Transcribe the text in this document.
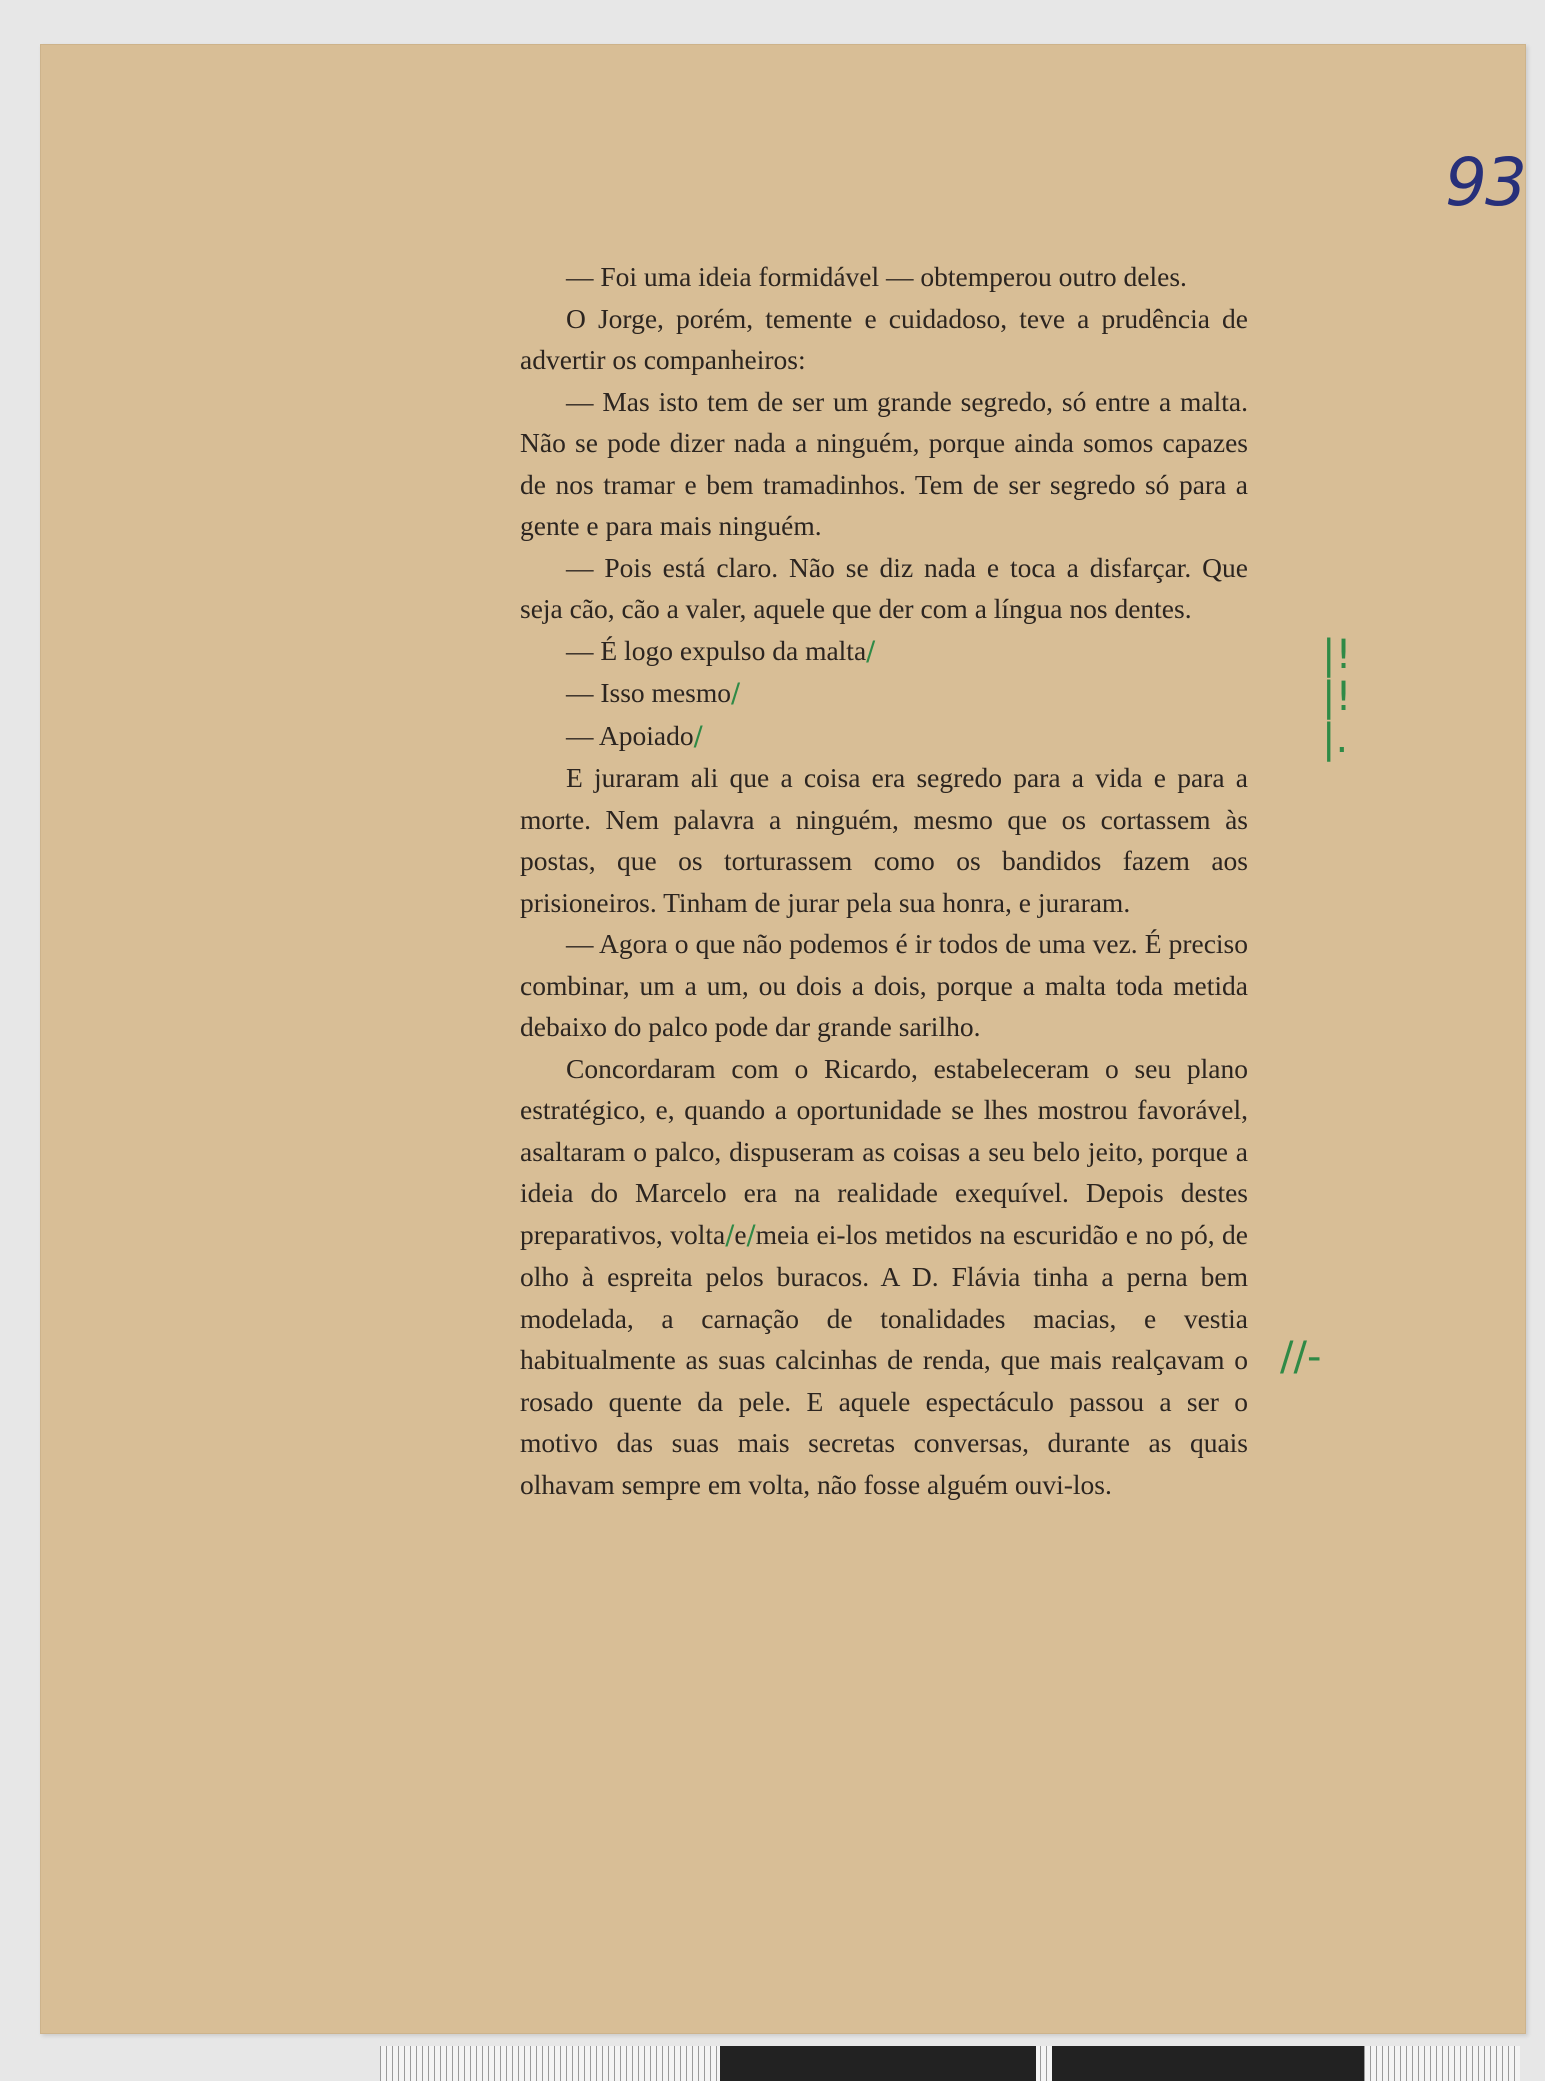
93

— Foi uma ideia formidável — obtemperou outro deles.

O Jorge, porém, temente e cuidadoso, teve a prudência de advertir os companheiros:

— Mas isto tem de ser um grande segredo, só entre a malta. Não se pode dizer nada a ninguém, porque ainda somos capazes de nos tramar e bem tramadinhos. Tem de ser segredo só para a gente e para mais ninguém.

— Pois está claro. Não se diz nada e toca a disfarçar. Que seja cão, cão a valer, aquele que der com a língua nos dentes.

— É logo expulso da malta/

— Isso mesmo/

— Apoiado/

E juraram ali que a coisa era segredo para a vida e para a morte. Nem palavra a ninguém, mesmo que os cortassem às postas, que os torturassem como os bandidos fazem aos prisioneiros. Tinham de jurar pela sua honra, e juraram.

— Agora o que não podemos é ir todos de uma vez. É preciso combinar, um a um, ou dois a dois, porque a malta toda metida debaixo do palco pode dar grande sarilho.

Concordaram com o Ricardo, estabeleceram o seu plano estratégico, e, quando a oportunidade se lhes mostrou favorável, asaltaram o palco, dispuseram as coisas a seu belo jeito, porque a ideia do Marcelo era na realidade exequível. Depois destes preparativos, volta/e/meia ei-los metidos na escuridão e no pó, de olho à espreita pelos buracos. A D. Flávia tinha a perna bem modelada, a carnação de tonalidades macias, e vestia habitualmente as suas calcinhas de renda, que mais realçavam o rosado quente da pele. E aquele espectáculo passou a ser o motivo das suas mais secretas conversas, durante as quais olhavam sempre em volta, não fosse alguém ouvi-los.

|!
|!
|.
//-
